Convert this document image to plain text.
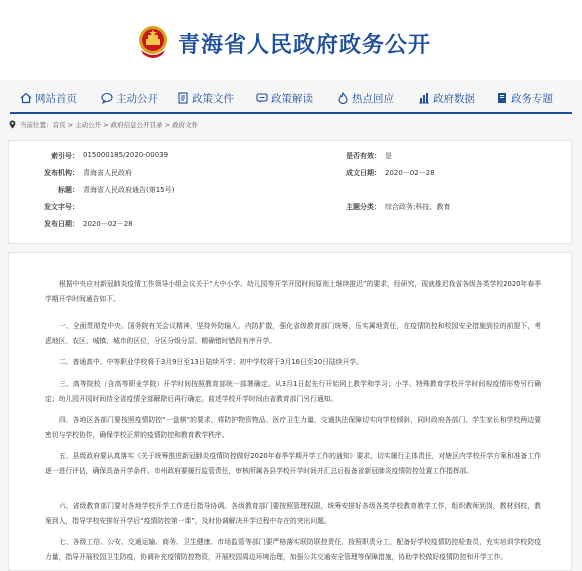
青海省人民政府政务公开
网站首页	主动公开	政策文件	政策解读	热点回应	政府数据	政务专题
当前位置：首页 > 主动公开 > 政府信息公开目录 > 政府文件
索引号： 015000185/2020-00039	是否有效： 是
发布机构： 青海省人民政府	成文日期： 2020－02－28
标题： 青海省人民政府通告(第15号)
发文字号：	主题分类： 综合政务;科技、教育
发布日期： 2020－02－28

根据中央应对新冠肺炎疫情工作领导小组会议关于“大中小学、幼儿园等开学开园时间原则上继续推迟”的要求，经研究，现就推迟我省各级各类学校2020年春季学期开学时间通告如下。

一、全面贯彻党中央、国务院有关会议精神，坚持外防输入、内防扩散，强化省级教育部门统筹，压实属地责任，在疫情防控和校园安全措施到位的前提下，考虑地区、农区、城镇、城市的区位，分区分级分层、精确错时错段有序开学。

二、普通高中、中等职业学校将于3月9日至13日陆续开学；初中学校将于3月16日至20日陆续开学。

三、高等院校（含高等职业学院）开学时间按照教育部统一部署确定。从3月1日起先行开始网上教学和学习；小学、特殊教育学校开学时间视疫情形势另行确定；幼儿园开园时间待全省疫情全部解除后再行确定。前述学校开学时间由省教育部门另行通知。

四、各地区各部门要按照疫情防控“一盘棋”的要求，将防护物资物品、医疗卫生力量、交通执法保障切实向学校倾斜，同时政府各部门、学生家长和学校两边要密切与学校协作，确保学校正常的疫情防控和教育教学秩序。

五、县级政府要认真落实《关于统筹推进新冠肺炎疫情防控做好2020年春季学期开学工作的通知》要求，切实履行主体责任，对辖区内学校开学方案和准备工作逐一进行评估，确保具备开学条件。市州政府要履行监管责任，审核所属各县学校开学时间并汇总后报备省新冠肺炎疫情防控处置工作指挥部。

六、省级教育部门要对各地学校开学工作进行指导协调。各级教育部门要按照管理权限，统筹安排好各级各类学校教育教学工作，组织教师到岗，教材到校，教案到人，指导学校安排好开学后“疫情防控第一课”，及时协调解决开学过程中存在的突出问题。

七、各级工信、公安、交通运输、商务、卫生健康、市场监管等部门要严格落实联防联控责任，按照职责分工，配备好学校疫情防控检查员，充实培训学校防疫力量，指导开展校园卫生防疫，协调补充疫情防控物资，开展校园周边环境治理，加强公共交通安全管理等保障措施，协助学校做好疫情防控和开学工作。
